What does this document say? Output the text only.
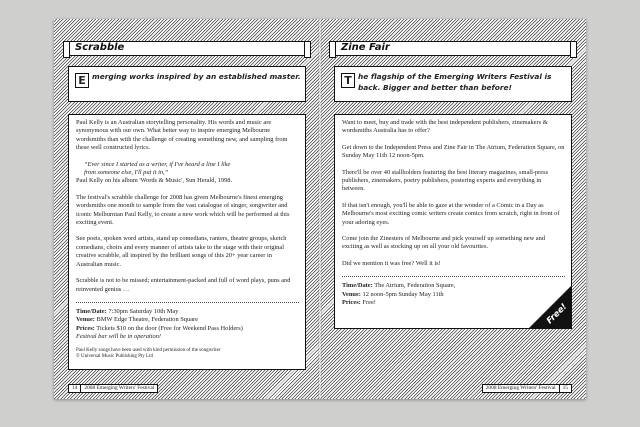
Scrabble
E merging works inspired by an established master.

Paul Kelly is an Australian storytelling personality. His words and music are synonymous with our own. What better way to inspire emerging Melbourne wordsmiths than with the challenge of creating something new, and sampling from these well constructed lyrics.

“Ever since I started as a writer, if I've heard a line I like

from someone else, I'll put it in,”

Paul Kelly on his album 'Words & Music', Sun Herald, 1998.

The festival's scrabble challenge for 2008 has given Melbourne's finest emerging wordsmiths one month to sample from the vast catalogue of singer, songwriter and iconic Melburnian Paul Kelly, to create a new work which will be performed at this exciting event.

See poets, spoken word artists, stand up comedians, ranters, theatre groups, sketch comedians, choirs and every manner of artists take to the stage with their original creative scrabble, all inspired by the brilliant songs of this 20+ year career in Australian music.

Scrabble is not to be missed; entertainment-packed and full of word plays, puns and reinvented genius …

Time/Date: 7:30pm Saturday 10th May

Venue: BMW Edge Theatre, Federation Square

Prices: Tickets $10 on the door (Free for Weekend Pass Holders)

Festival bar will be in operation!

Paul Kelly songs have been used with kind permission of the songwriter

© Universal Music Publishing Pty Ltd

14 2008 Emerging Writers' Festival
Zine Fair
T he flagship of the Emerging Writers Festival is back. Bigger and better than before!

Want to meet, buy and trade with the best independent publishers, zinemakers & wordsmiths Australia has to offer?

Get down to the Independent Press and Zine Fair in The Atrium, Federation Square, on Sunday May 11th 12 noon-5pm.

There'll be over 40 stallholders featuring the best literary magazines, small-press publishers, zinemakers, poetry publishers, postering experts and everything in between.

If that isn't enough, you'll be able to gaze at the wonder of a Comic in a Day as Melbourne's most exciting comic writers create comics from scratch, right in front of your adoring eyes.

Come join the Zinesters of Melbourne and pick yourself up something new and exciting as well as stocking up on all your old favourites.

Did we mention it was free? Well it is!

Time/Date: The Atrium, Federation Square,

Venue: 12 noon-5pm Sunday May 11th

Prices: Free!	Free!
2008 Emerging Writers' Festival 15
